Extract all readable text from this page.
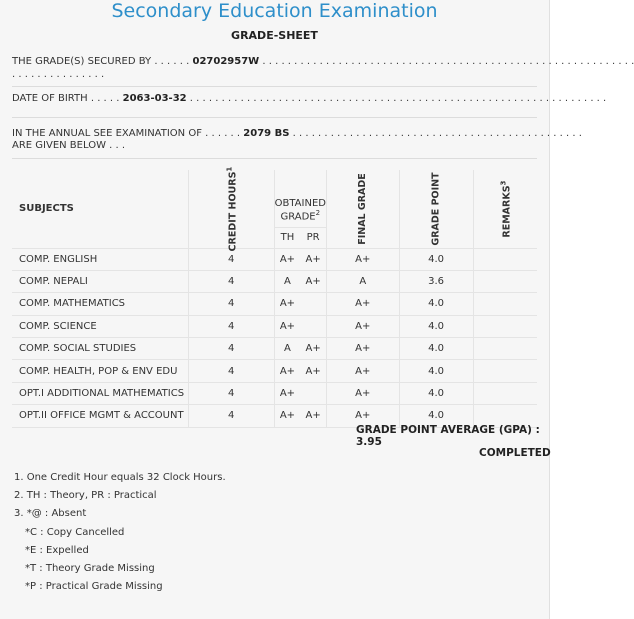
Secondary Education Examination
GRADE-SHEET
THE GRADE(S) SECURED BY . . . . . . 02702957W . . . . . . . . . . . . . . . . . . . . . . . . . . . . . . . . . . . . . . . . . . . . . . . . . . . . . . . . . . .
. . . . . . . . . . . . . . .
DATE OF BIRTH . . . . . 2063-03-32 . . . . . . . . . . . . . . . . . . . . . . . . . . . . . . . . . . . . . . . . . . . . . . . . . . . . . . . . . . . . . . . . . .
IN THE ANNUAL SEE EXAMINATION OF . . . . . . 2079 BS . . . . . . . . . . . . . . . . . . . . . . . . . . . . . . . . . . . . . . . . . . . . . .
ARE GIVEN BELOW . . .
SUBJECTS	CREDIT HOURS$^1$	OBTAINED GRADE$^2$		FINAL GRADE	GRADE POINT	REMARKS$^3$
		TH	PR			
COMP. ENGLISH	4	A+	A+	A+	4.0	
COMP. NEPALI	4	A	A+	A	3.6	
COMP. MATHEMATICS	4	A+		A+	4.0	
COMP. SCIENCE	4	A+		A+	4.0	
COMP. SOCIAL STUDIES	4	A	A+	A+	4.0	
COMP. HEALTH, POP & ENV EDU	4	A+	A+	A+	4.0	
OPT.I ADDITIONAL MATHEMATICS	4	A+		A+	4.0	
OPT.II OFFICE MGMT & ACCOUNT	4	A+	A+	A+	4.0	
GRADE POINT AVERAGE (GPA) : 3.95
COMPLETED
1. One Credit Hour equals 32 Clock Hours.
2. TH : Theory, PR : Practical
3. *@ : Absent
*C : Copy Cancelled
*E : Expelled
*T : Theory Grade Missing
*P : Practical Grade Missing
